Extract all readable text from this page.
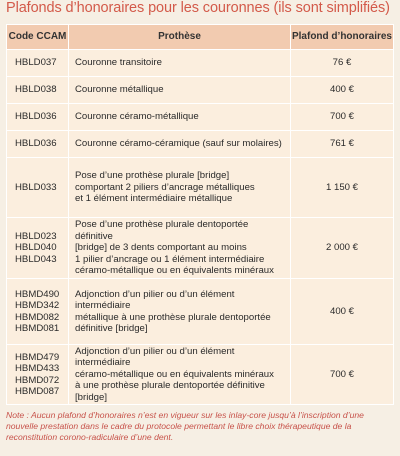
Plafonds d’honoraires pour les couronnes (ils sont simplifiés)
Code CCAM	Prothèse	Plafond d’honoraires

HBLD037	Couronne transitoire	76 €

HBLD038	Couronne métallique	400 €

HBLD036	Couronne céramo-métallique	700 €

HBLD036	Couronne céramo-céramique (sauf sur molaires)	761 €

HBLD033	Pose d’une prothèse plurale [bridge]
comportant 2 piliers d’ancrage métalliques
et 1 élément intermédiaire métallique	1 150 €

HBLD023
HBLD040
HBLD043	Pose d’une prothèse plurale dentoportée définitive
[bridge] de 3 dents comportant au moins
1 pilier d’ancrage ou 1 élément intermédiaire
céramo-métallique ou en équivalents minéraux	2 000 €

HBMD490
HBMD342
HBMD082
HBMD081	Adjonction d’un pilier ou d’un élément intermédiaire
métallique à une prothèse plurale dentoportée
définitive [bridge]	400 €

HBMD479
HBMD433
HBMD072
HBMD087	Adjonction d’un pilier ou d’un élément intermédiaire
céramo-métallique ou en équivalents minéraux
à une prothèse plurale dentoportée définitive [bridge]	700 €
Note : Aucun plafond d’honoraires n’est en vigueur sur les inlay-core jusqu’à l’inscription d’une nouvelle prestation dans le cadre du protocole permettant le libre choix thérapeutique de la reconstitution corono-radiculaire d’une dent.
